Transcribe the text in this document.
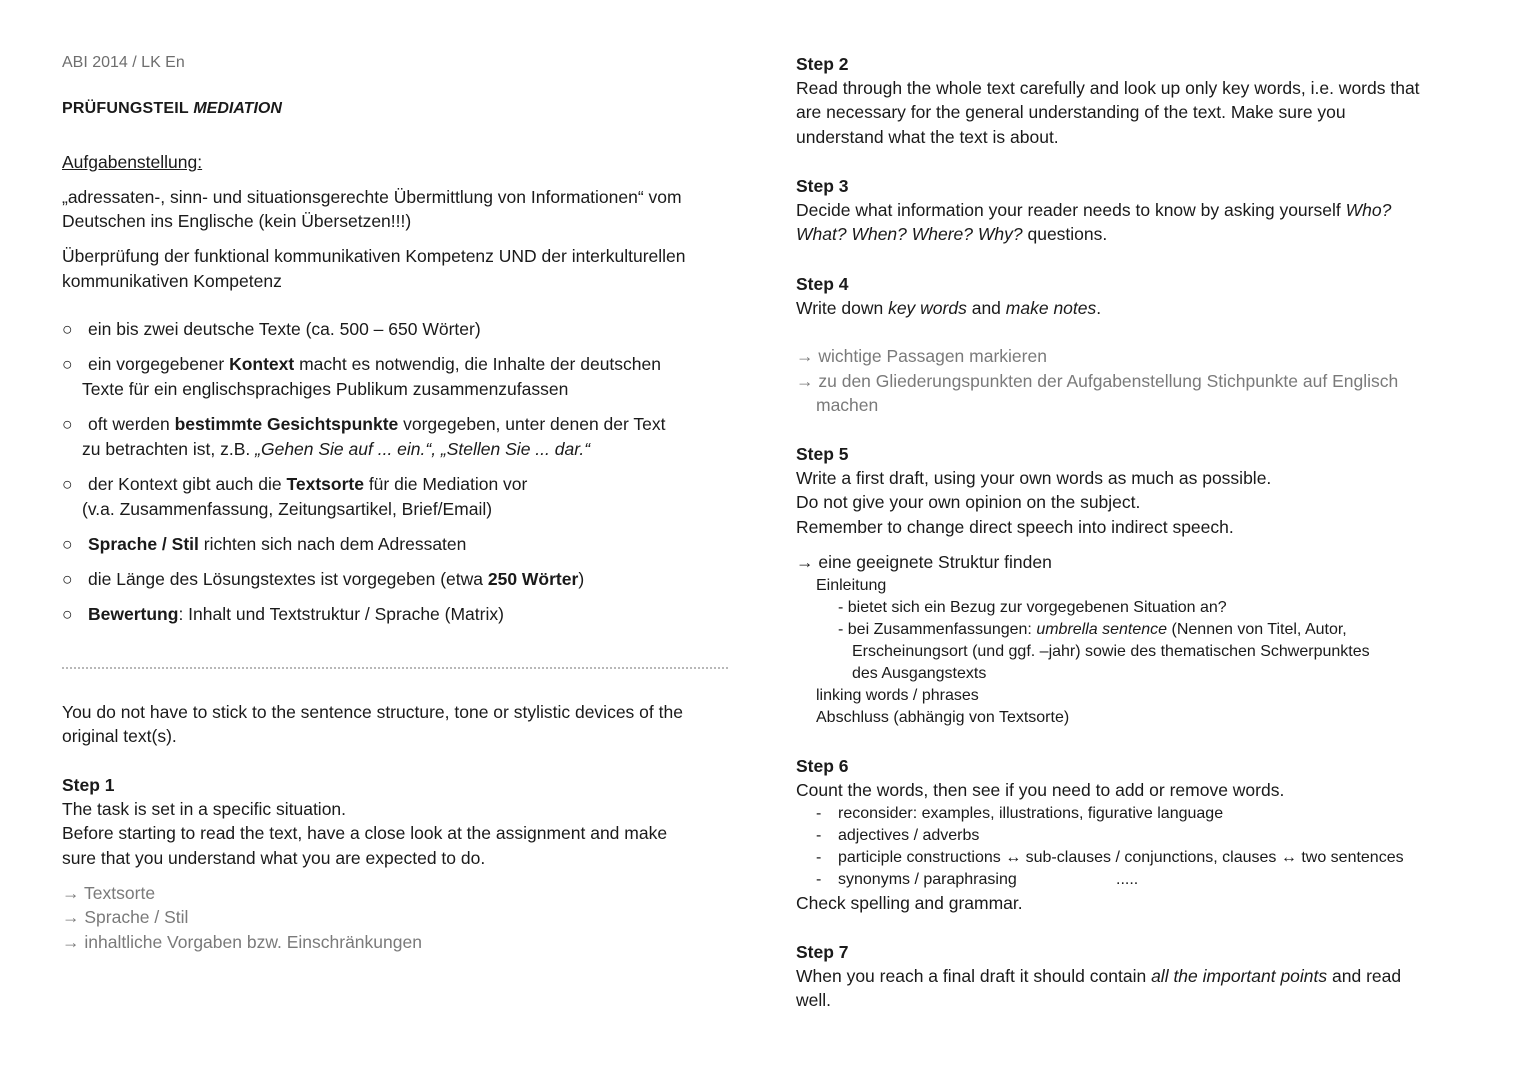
ABI 2014 / LK En
PRÜFUNGSTEIL MEDIATION
Aufgabenstellung:
„adressaten-, sinn- und situationsgerechte Übermittlung von Informationen“ vom
Deutschen ins Englische (kein Übersetzen!!!)
Überprüfung der funktional kommunikativen Kompetenz UND der interkulturellen
kommunikativen Kompetenz
○ ein bis zwei deutsche Texte (ca. 500 – 650 Wörter)
○ ein vorgegebener Kontext macht es notwendig, die Inhalte der deutschen
Texte für ein englischsprachiges Publikum zusammenzufassen
○ oft werden bestimmte Gesichtspunkte vorgegeben, unter denen der Text
zu betrachten ist, z.B. „Gehen Sie auf ... ein.“, „Stellen Sie ... dar.“
○ der Kontext gibt auch die Textsorte für die Mediation vor
(v.a. Zusammenfassung, Zeitungsartikel, Brief/Email)
○ Sprache / Stil richten sich nach dem Adressaten
○ die Länge des Lösungstextes ist vorgegeben (etwa 250 Wörter)
○ Bewertung: Inhalt und Textstruktur / Sprache (Matrix)
You do not have to stick to the sentence structure, tone or stylistic devices of the
original text(s).
Step 1
The task is set in a specific situation.
Before starting to read the text, have a close look at the assignment and make
sure that you understand what you are expected to do.
→ Textsorte
→ Sprache / Stil
→ inhaltliche Vorgaben bzw. Einschränkungen
Step 2
Read through the whole text carefully and look up only key words, i.e. words that
are necessary for the general understanding of the text. Make sure you
understand what the text is about.
Step 3
Decide what information your reader needs to know by asking yourself Who?
What? When? Where? Why? questions.
Step 4
Write down key words and make notes.
→ wichtige Passagen markieren
→ zu den Gliederungspunkten der Aufgabenstellung Stichpunkte auf Englisch
machen
Step 5
Write a first draft, using your own words as much as possible.
Do not give your own opinion on the subject.
Remember to change direct speech into indirect speech.
→ eine geeignete Struktur finden
Einleitung
- bietet sich ein Bezug zur vorgegebenen Situation an?
- bei Zusammenfassungen: umbrella sentence (Nennen von Titel, Autor,
Erscheinungsort (und ggf. –jahr) sowie des thematischen Schwerpunktes
des Ausgangstexts
linking words / phrases
Abschluss (abhängig von Textsorte)
Step 6
Count the words, then see if you need to add or remove words.
- reconsider: examples, illustrations, figurative language
- adjectives / adverbs
- participle constructions ↔ sub-clauses / conjunctions, clauses ↔ two sentences
- synonyms / paraphrasing	.....
Check spelling and grammar.
Step 7
When you reach a final draft it should contain all the important points and read
well.
